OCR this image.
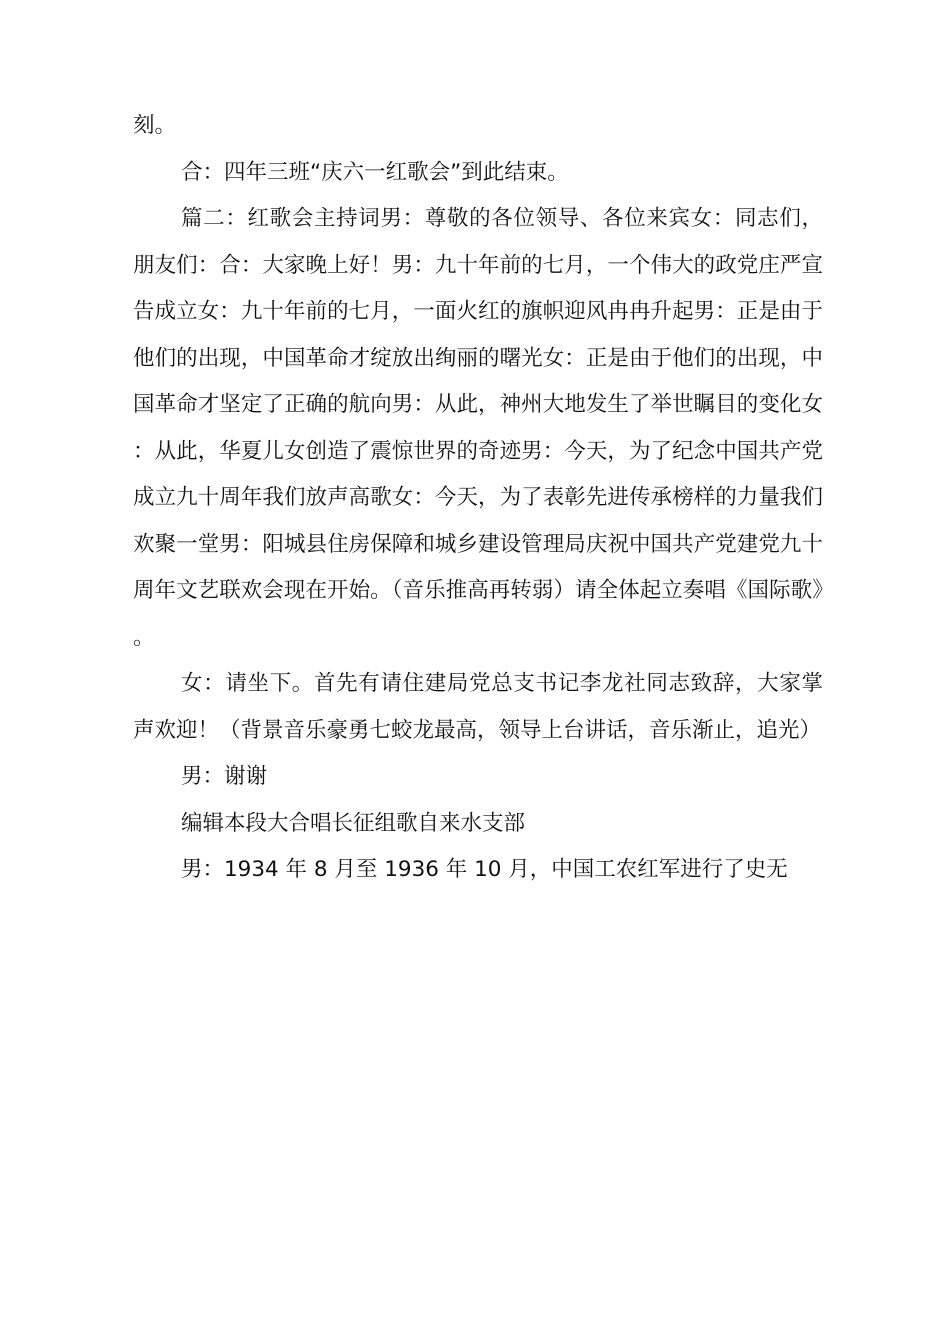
刻。

合：四年三班“庆六一红歌会”到此结束。

篇二：红歌会主持词男：尊敬的各位领导、各位来宾女：同志们，朋友们：合：大家晚上好！男：九十年前的七月，一个伟大的政党庄严宣告成立女：九十年前的七月，一面火红的旗帜迎风冉冉升起男：正是由于他们的出现，中国革命才绽放出绚丽的曙光女：正是由于他们的出现，中国革命才坚定了正确的航向男：从此，神州大地发生了举世瞩目的变化女：从此，华夏儿女创造了震惊世界的奇迹男：今天，为了纪念中国共产党成立九十周年我们放声高歌女：今天，为了表彰先进传承榜样的力量我们欢聚一堂男：阳城县住房保障和城乡建设管理局庆祝中国共产党建党九十周年文艺联欢会现在开始。（音乐推高再转弱）请全体起立奏唱《国际歌》。

女：请坐下。首先有请住建局党总支书记李龙社同志致辞，大家掌声欢迎！（背景音乐豪勇七蛟龙最高，领导上台讲话，音乐渐止，追光）

男：谢谢

编辑本段大合唱长征组歌自来水支部

男：1934 年 8 月至 1936 年 10 月，中国工农红军进行了史无
